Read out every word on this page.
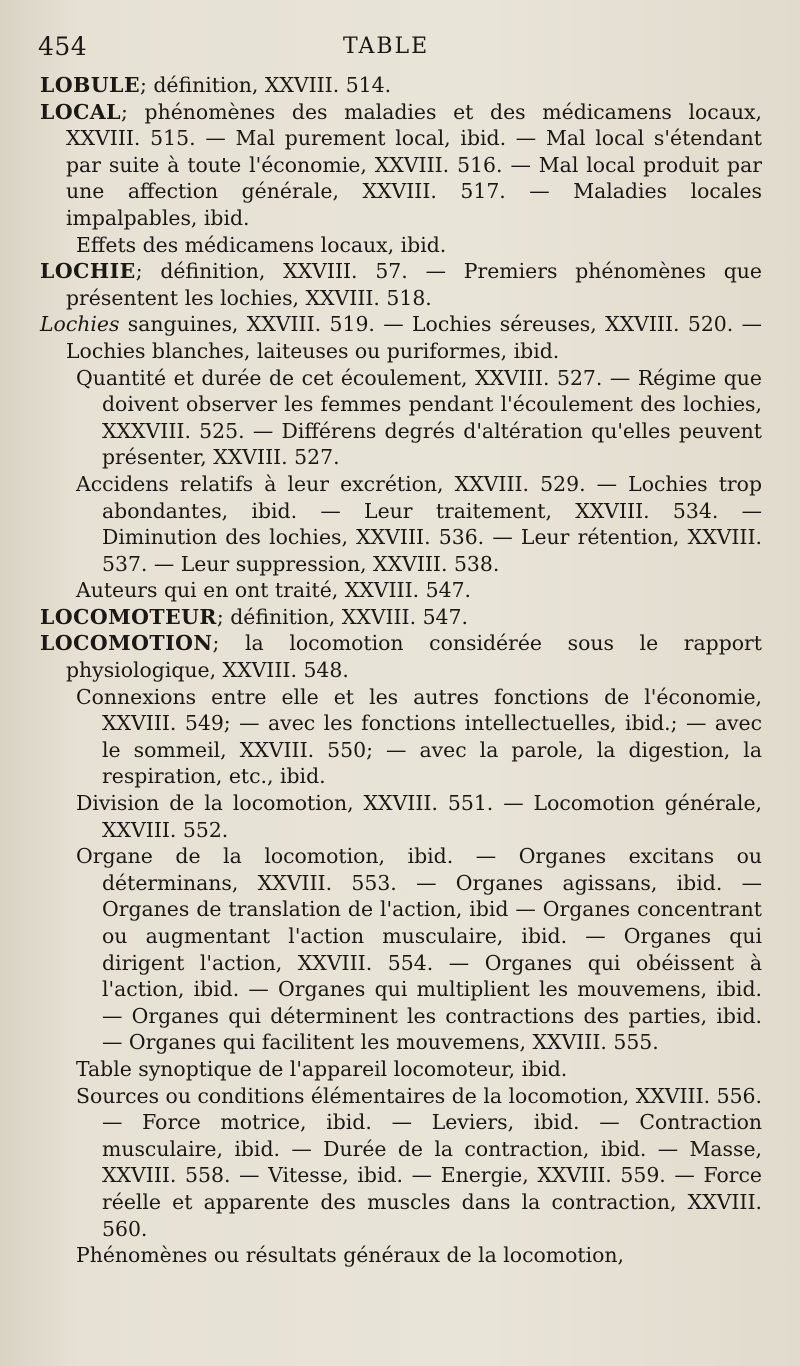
454	TABLE

LOBULE; définition, XXVIII. 514.

LOCAL; phénomènes des maladies et des médicamens locaux, XXVIII. 515. — Mal purement local, ibid. — Mal local s'étendant par suite à toute l'économie, XXVIII. 516. — Mal local produit par une affection générale, XXVIII. 517. — Maladies locales impalpables, ibid.

Effets des médicamens locaux, ibid.

LOCHIE; définition, XXVIII. 57. — Premiers phénomènes que présentent les lochies, XXVIII. 518.

Lochies sanguines, XXVIII. 519. — Lochies séreuses, XXVIII. 520. — Lochies blanches, laiteuses ou puriformes, ibid.

Quantité et durée de cet écoulement, XXVIII. 527. — Régime que doivent observer les femmes pendant l'écoulement des lochies, XXXVIII. 525. — Différens degrés d'altération qu'elles peuvent présenter, XXVIII. 527.

Accidens relatifs à leur excrétion, XXVIII. 529. — Lochies trop abondantes, ibid. — Leur traitement, XXVIII. 534. — Diminution des lochies, XXVIII. 536. — Leur rétention, XXVIII. 537. — Leur suppression, XXVIII. 538.

Auteurs qui en ont traité, XXVIII. 547.

LOCOMOTEUR; définition, XXVIII. 547.

LOCOMOTION; la locomotion considérée sous le rapport physiologique, XXVIII. 548.

Connexions entre elle et les autres fonctions de l'économie, XXVIII. 549; — avec les fonctions intellectuelles, ibid.; — avec le sommeil, XXVIII. 550; — avec la parole, la digestion, la respiration, etc., ibid.

Division de la locomotion, XXVIII. 551. — Locomotion générale, XXVIII. 552.

Organe de la locomotion, ibid. — Organes excitans ou déterminans, XXVIII. 553. — Organes agissans, ibid. — Organes de translation de l'action, ibid — Organes concentrant ou augmentant l'action musculaire, ibid. — Organes qui dirigent l'action, XXVIII. 554. — Organes qui obéissent à l'action, ibid. — Organes qui multiplient les mouvemens, ibid. — Organes qui déterminent les contractions des parties, ibid. — Organes qui facilitent les mouvemens, XXVIII. 555.

Table synoptique de l'appareil locomoteur, ibid.

Sources ou conditions élémentaires de la locomotion, XXVIII. 556. — Force motrice, ibid. — Leviers, ibid. — Contraction musculaire, ibid. — Durée de la contraction, ibid. — Masse, XXVIII. 558. — Vitesse, ibid. — Energie, XXVIII. 559. — Force réelle et apparente des muscles dans la contraction, XXVIII. 560.

Phénomènes ou résultats généraux de la locomotion,
